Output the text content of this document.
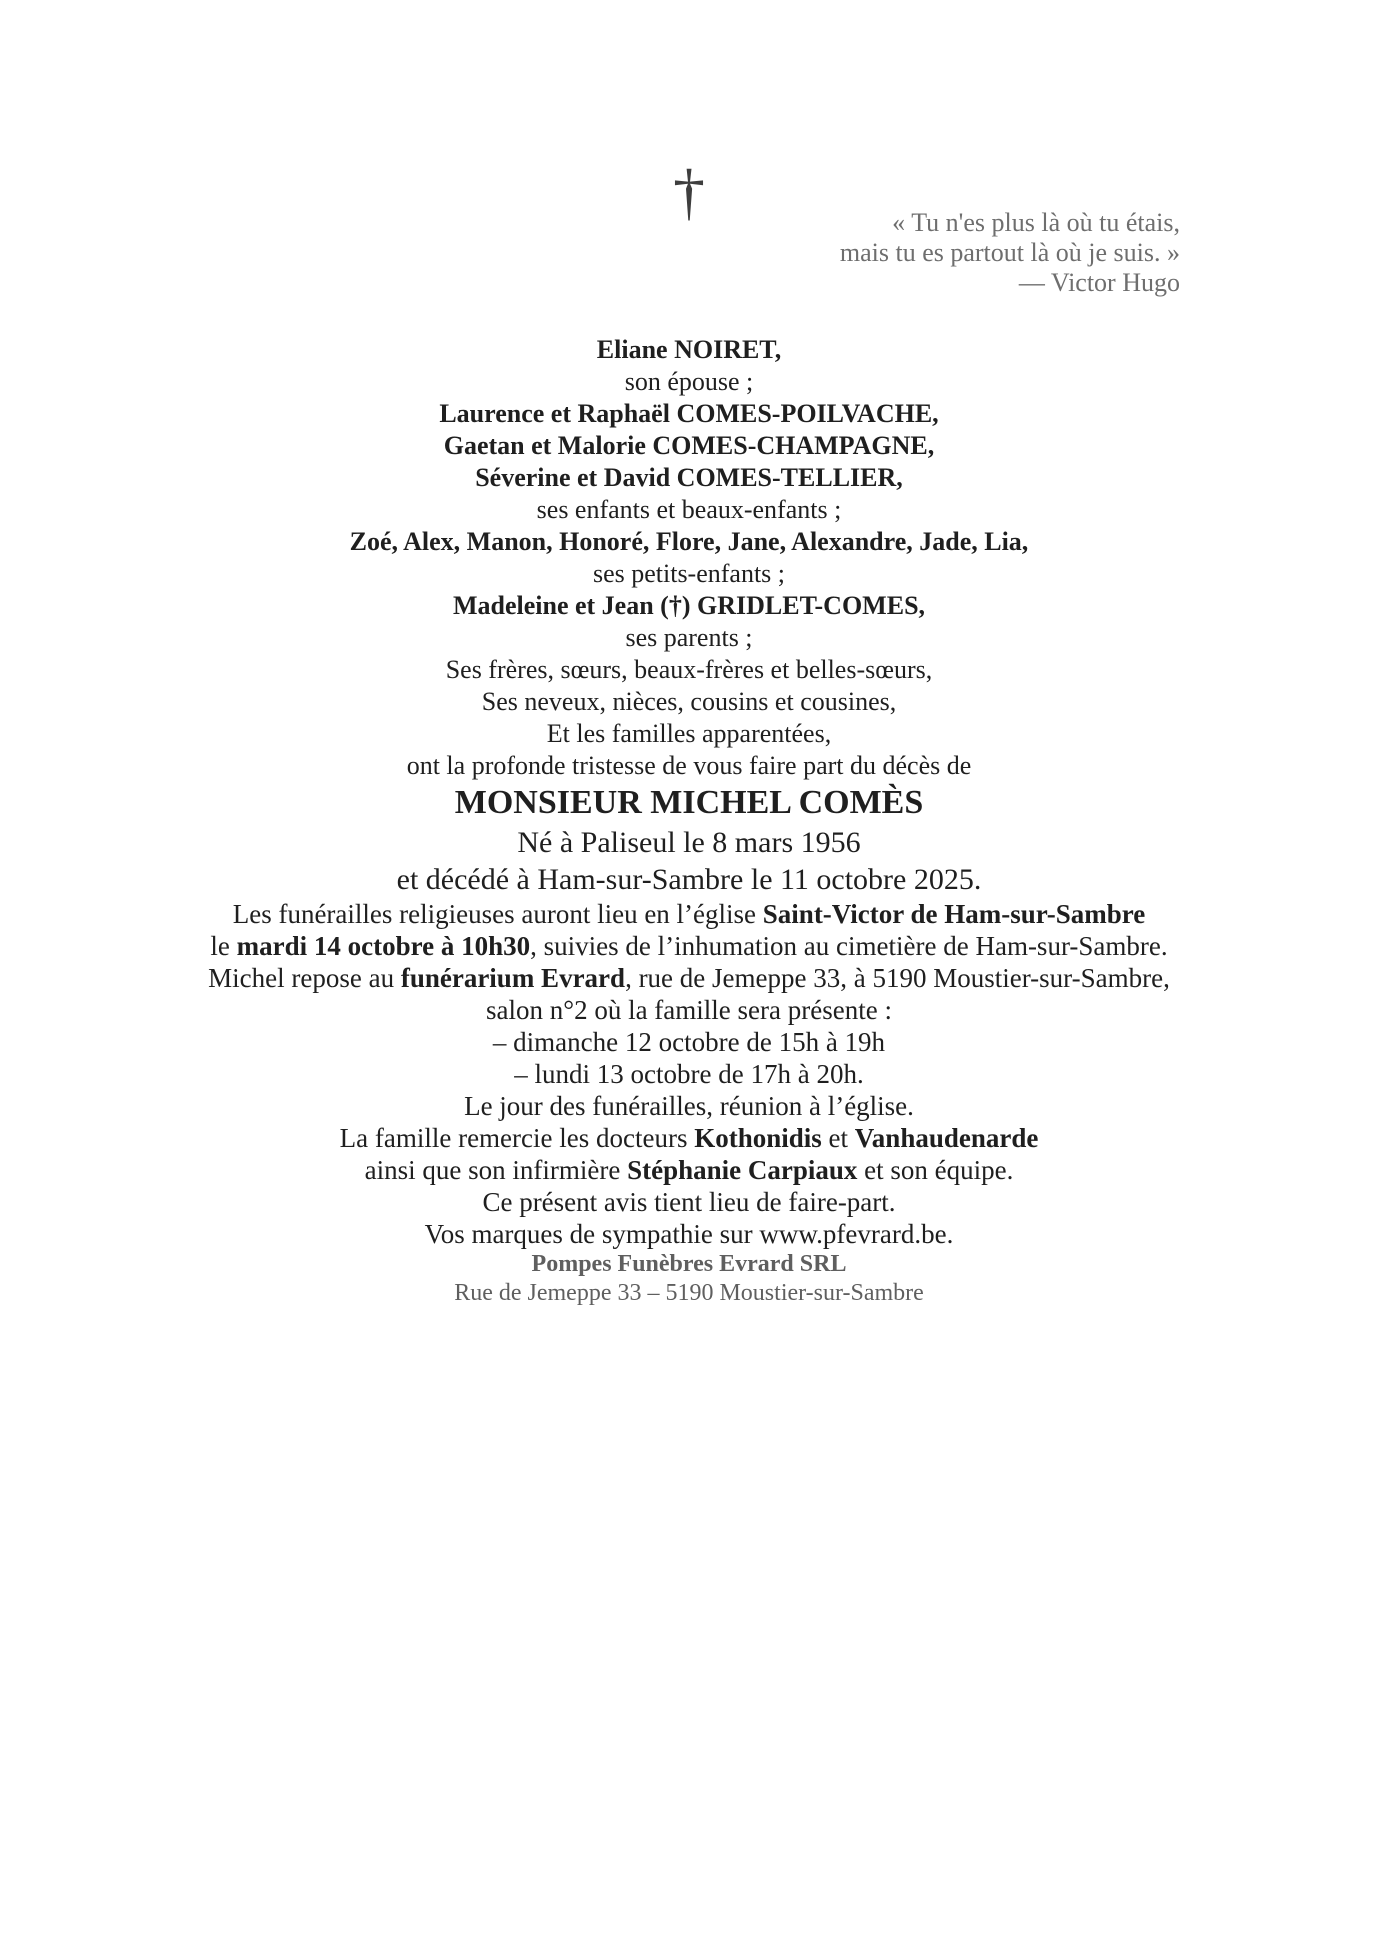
†	« Tu n'es plus là où tu étais,
mais tu es partout là où je suis. »
— Victor Hugo

Eliane NOIRET,
son épouse ;

Laurence et Raphaël COMES-POILVACHE,
Gaetan et Malorie COMES-CHAMPAGNE,
Séverine et David COMES-TELLIER,
ses enfants et beaux-enfants ;

Zoé, Alex, Manon, Honoré, Flore, Jane, Alexandre, Jade, Lia,
ses petits-enfants ;

Madeleine et Jean (†) GRIDLET-COMES,
ses parents ;

Ses frères, sœurs, beaux-frères et belles-sœurs,
Ses neveux, nièces, cousins et cousines,

Et les familles apparentées,

ont la profonde tristesse de vous faire part du décès de

MONSIEUR MICHEL COMÈS

Né à Paliseul le 8 mars 1956
et décédé à Ham-sur-Sambre le 11 octobre 2025.

Les funérailles religieuses auront lieu en l’église Saint-Victor de Ham-sur-Sambre
le mardi 14 octobre à 10h30, suivies de l’inhumation au cimetière de Ham-sur-Sambre.

Michel repose au funérarium Evrard, rue de Jemeppe 33, à 5190 Moustier-sur-Sambre,
salon n°2 où la famille sera présente :
– dimanche 12 octobre de 15h à 19h
– lundi 13 octobre de 17h à 20h.

Le jour des funérailles, réunion à l’église.

La famille remercie les docteurs Kothonidis et Vanhaudenarde
ainsi que son infirmière Stéphanie Carpiaux et son équipe.

Ce présent avis tient lieu de faire-part.

Vos marques de sympathie sur www.pfevrard.be.

Pompes Funèbres Evrard SRL
Rue de Jemeppe 33 – 5190 Moustier-sur-Sambre
